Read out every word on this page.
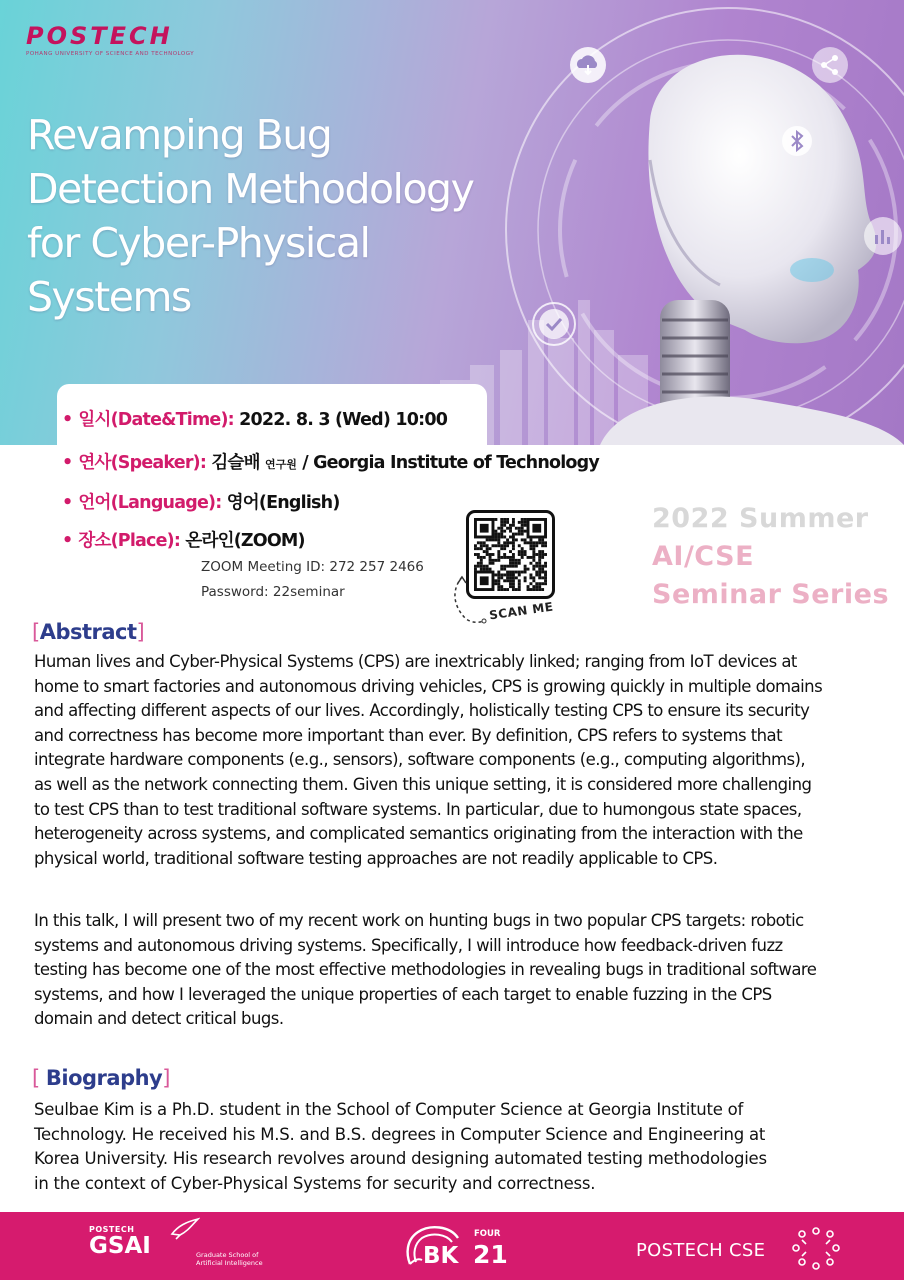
POSTECH
POHANG UNIVERSITY OF SCIENCE AND TECHNOLOGY
Revamping Bug
Detection Methodology
for Cyber-Physical
Systems
• 일시(Date&Time): 2022. 8. 3 (Wed) 10:00
• 연사(Speaker): 김슬배 연구원 / Georgia Institute of Technology
• 언어(Language): 영어(English)
• 장소(Place): 온라인(ZOOM)
ZOOM Meeting ID: 272 257 2466
Password: 22seminar
SCAN ME
2022 Summer
AI/CSE
Seminar Series
[Abstract]
Human lives and Cyber-Physical Systems (CPS) are inextricably linked; ranging from IoT devices at
home to smart factories and autonomous driving vehicles, CPS is growing quickly in multiple domains
and affecting different aspects of our lives. Accordingly, holistically testing CPS to ensure its security
and correctness has become more important than ever. By definition, CPS refers to systems that
integrate hardware components (e.g., sensors), software components (e.g., computing algorithms),
as well as the network connecting them. Given this unique setting, it is considered more challenging
to test CPS than to test traditional software systems. In particular, due to humongous state spaces,
heterogeneity across systems, and complicated semantics originating from the interaction with the
physical world, traditional software testing approaches are not readily applicable to CPS.
In this talk, I will present two of my recent work on hunting bugs in two popular CPS targets: robotic
systems and autonomous driving systems. Specifically, I will introduce how feedback-driven fuzz
testing has become one of the most effective methodologies in revealing bugs in traditional software
systems, and how I leveraged the unique properties of each target to enable fuzzing in the CPS
domain and detect critical bugs.
[ Biography]
Seulbae Kim is a Ph.D. student in the School of Computer Science at Georgia Institute of
Technology. He received his M.S. and B.S. degrees in Computer Science and Engineering at
Korea University. His research revolves around designing automated testing methodologies
in the context of Cyber-Physical Systems for security and correctness.
POSTECH
GSAI	Graduate School of
Artificial Intelligence	BK
FOUR
21	POSTECH CSE
